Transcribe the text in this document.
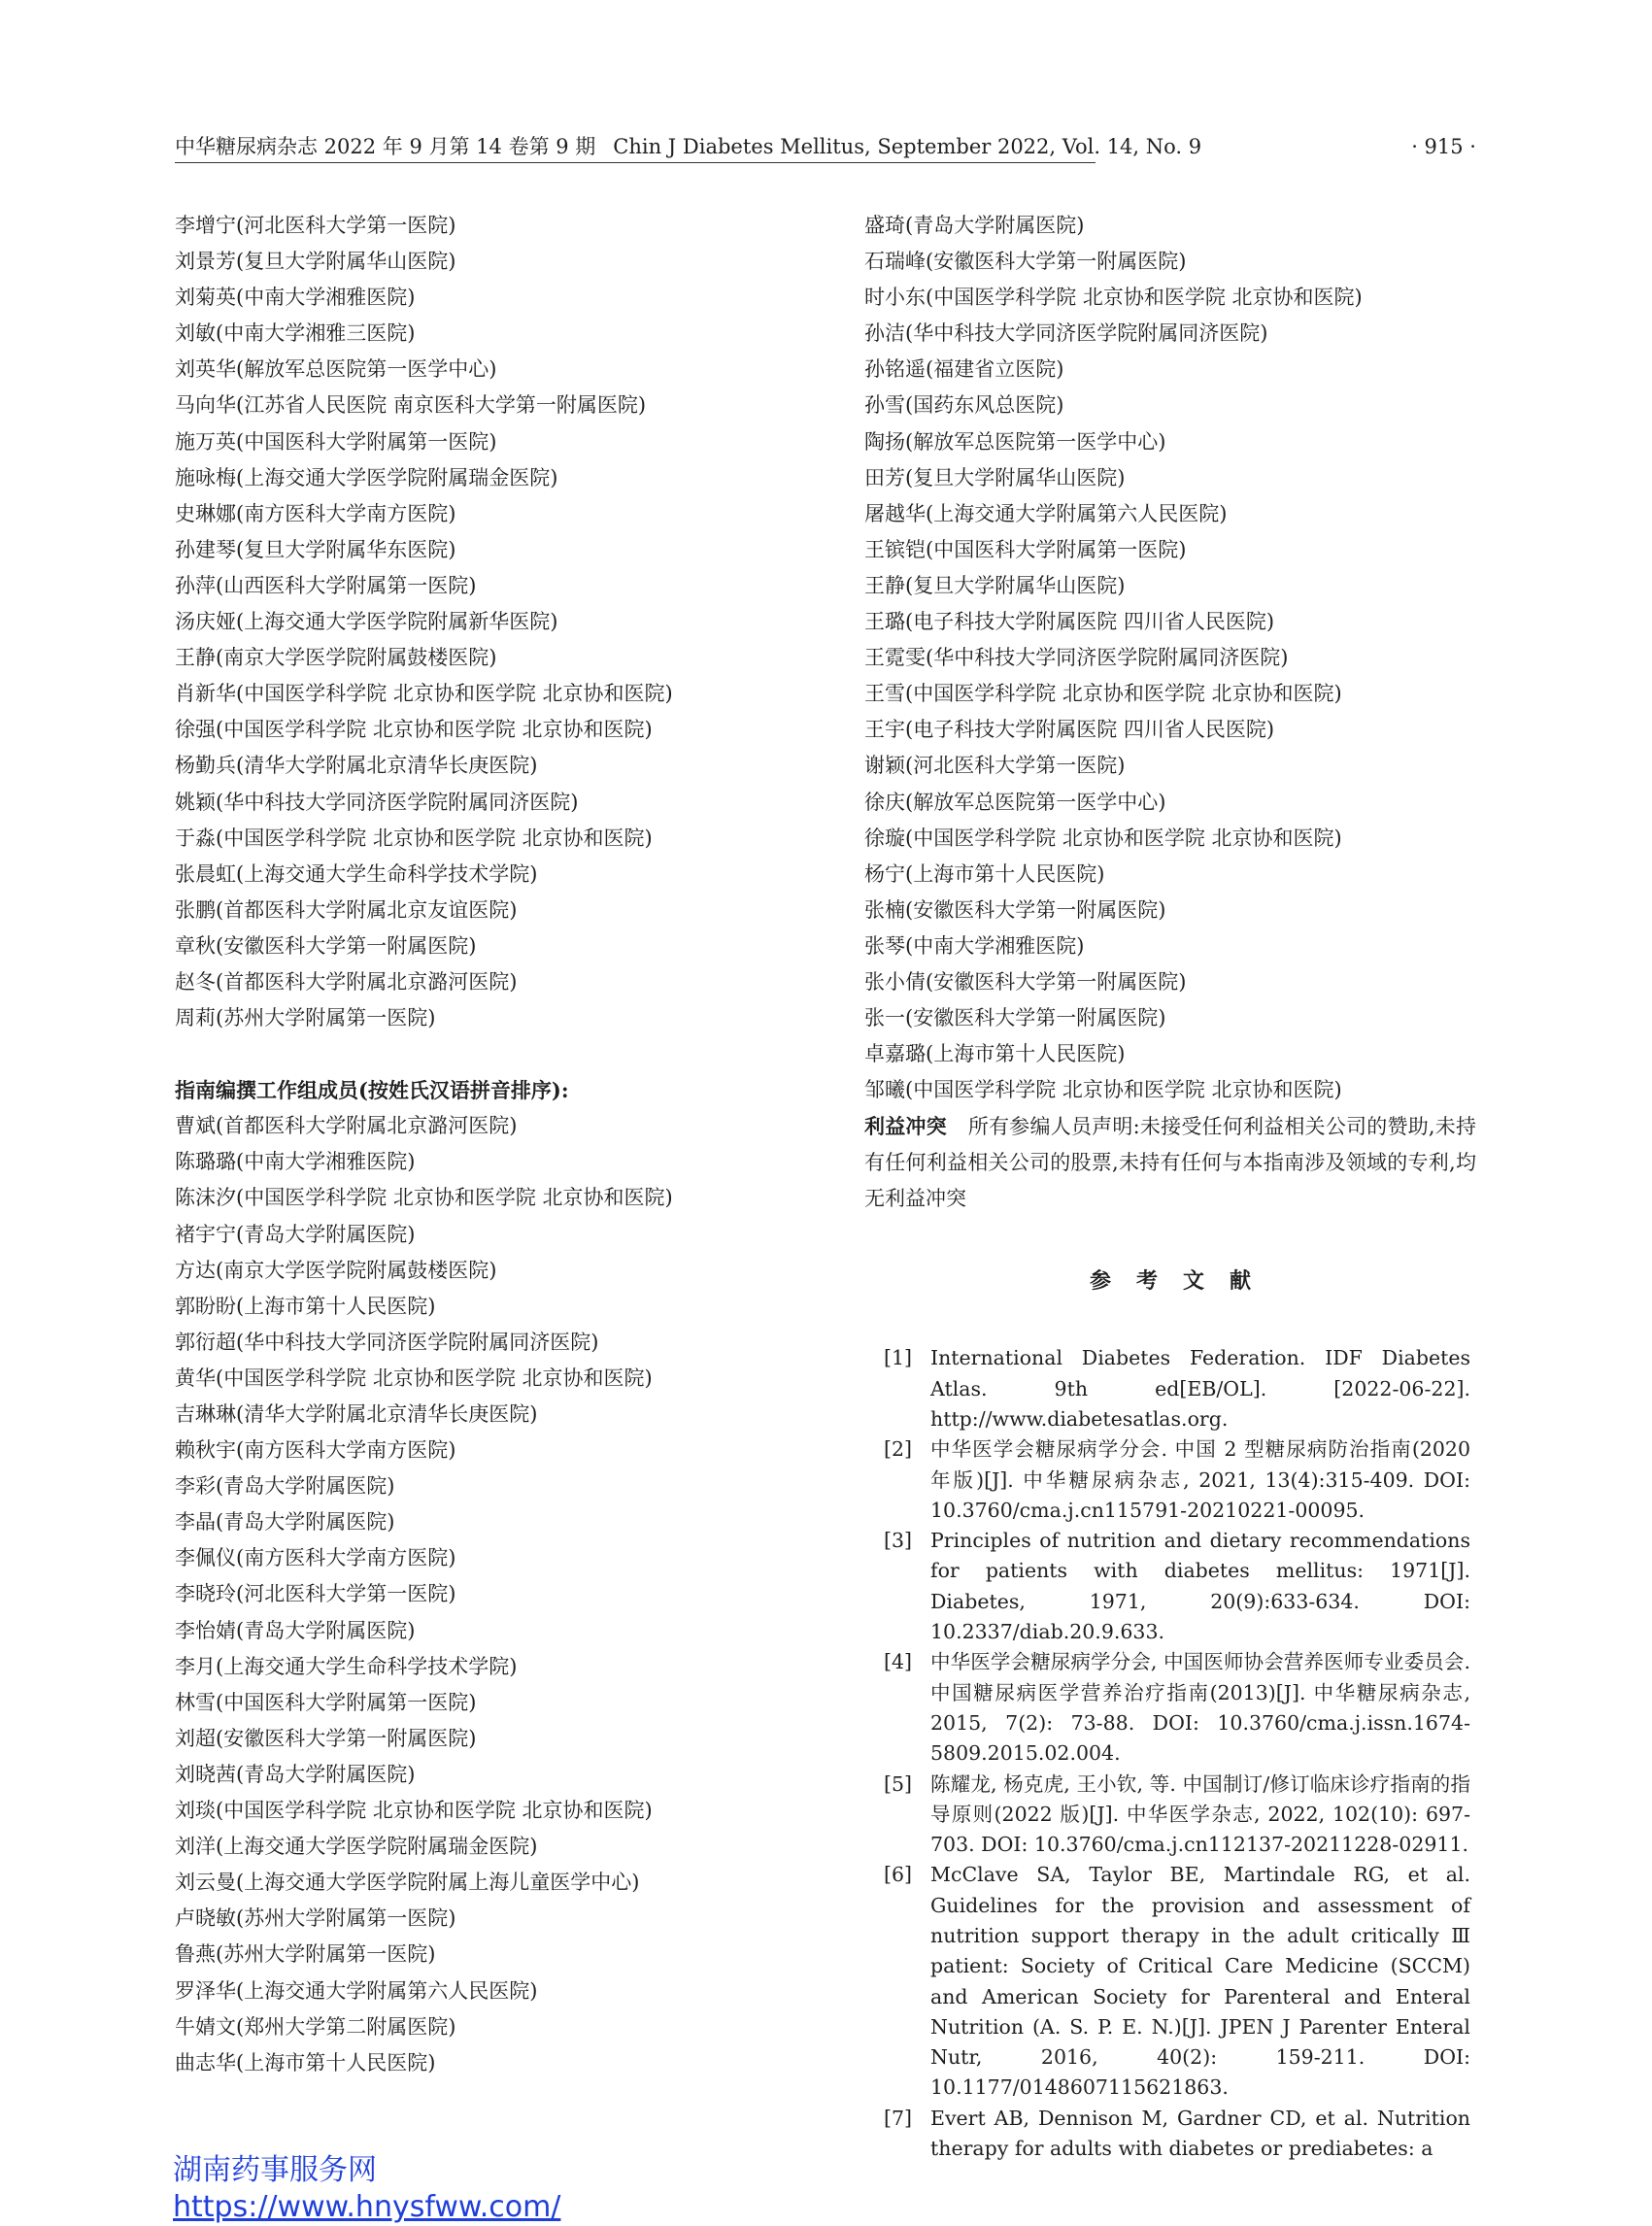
中华糖尿病杂志 2022 年 9 月第 14 卷第 9 期 Chin J Diabetes Mellitus, September 2022, Vol. 14, No. 9	· 915 ·
李增宁(河北医科大学第一医院)
刘景芳(复旦大学附属华山医院)
刘菊英(中南大学湘雅医院)
刘敏(中南大学湘雅三医院)
刘英华(解放军总医院第一医学中心)
马向华(江苏省人民医院 南京医科大学第一附属医院)
施万英(中国医科大学附属第一医院)
施咏梅(上海交通大学医学院附属瑞金医院)
史琳娜(南方医科大学南方医院)
孙建琴(复旦大学附属华东医院)
孙萍(山西医科大学附属第一医院)
汤庆娅(上海交通大学医学院附属新华医院)
王静(南京大学医学院附属鼓楼医院)
肖新华(中国医学科学院 北京协和医学院 北京协和医院)
徐强(中国医学科学院 北京协和医学院 北京协和医院)
杨勤兵(清华大学附属北京清华长庚医院)
姚颖(华中科技大学同济医学院附属同济医院)
于淼(中国医学科学院 北京协和医学院 北京协和医院)
张晨虹(上海交通大学生命科学技术学院)
张鹏(首都医科大学附属北京友谊医院)
章秋(安徽医科大学第一附属医院)
赵冬(首都医科大学附属北京潞河医院)
周莉(苏州大学附属第一医院)
指南编撰工作组成员(按姓氏汉语拼音排序):
曹斌(首都医科大学附属北京潞河医院)
陈璐璐(中南大学湘雅医院)
陈沫汐(中国医学科学院 北京协和医学院 北京协和医院)
褚宇宁(青岛大学附属医院)
方达(南京大学医学院附属鼓楼医院)
郭盼盼(上海市第十人民医院)
郭衍超(华中科技大学同济医学院附属同济医院)
黄华(中国医学科学院 北京协和医学院 北京协和医院)
吉琳琳(清华大学附属北京清华长庚医院)
赖秋宇(南方医科大学南方医院)
李彩(青岛大学附属医院)
李晶(青岛大学附属医院)
李佩仪(南方医科大学南方医院)
李晓玲(河北医科大学第一医院)
李怡婧(青岛大学附属医院)
李月(上海交通大学生命科学技术学院)
林雪(中国医科大学附属第一医院)
刘超(安徽医科大学第一附属医院)
刘晓茜(青岛大学附属医院)
刘琰(中国医学科学院 北京协和医学院 北京协和医院)
刘洋(上海交通大学医学院附属瑞金医院)
刘云曼(上海交通大学医学院附属上海儿童医学中心)
卢晓敏(苏州大学附属第一医院)
鲁燕(苏州大学附属第一医院)
罗泽华(上海交通大学附属第六人民医院)
牛婧文(郑州大学第二附属医院)
曲志华(上海市第十人民医院)
盛琦(青岛大学附属医院)
石瑞峰(安徽医科大学第一附属医院)
时小东(中国医学科学院 北京协和医学院 北京协和医院)
孙洁(华中科技大学同济医学院附属同济医院)
孙铭遥(福建省立医院)
孙雪(国药东风总医院)
陶扬(解放军总医院第一医学中心)
田芳(复旦大学附属华山医院)
屠越华(上海交通大学附属第六人民医院)
王镔铠(中国医科大学附属第一医院)
王静(复旦大学附属华山医院)
王璐(电子科技大学附属医院 四川省人民医院)
王霓雯(华中科技大学同济医学院附属同济医院)
王雪(中国医学科学院 北京协和医学院 北京协和医院)
王宇(电子科技大学附属医院 四川省人民医院)
谢颖(河北医科大学第一医院)
徐庆(解放军总医院第一医学中心)
徐璇(中国医学科学院 北京协和医学院 北京协和医院)
杨宁(上海市第十人民医院)
张楠(安徽医科大学第一附属医院)
张琴(中南大学湘雅医院)
张小倩(安徽医科大学第一附属医院)
张一(安徽医科大学第一附属医院)
卓嘉璐(上海市第十人民医院)
邹曦(中国医学科学院 北京协和医学院 北京协和医院)
利益冲突 所有参编人员声明:未接受任何利益相关公司的赞助,未持有任何利益相关公司的股票,未持有任何与本指南涉及领域的专利,均无利益冲突
参考文献
[1] International Diabetes Federation. IDF Diabetes Atlas. 9th ed[EB/OL]. [2022-06-22]. http://www.diabetesatlas.org.
[2] 中华医学会糖尿病学分会. 中国 2 型糖尿病防治指南(2020 年版)[J]. 中华糖尿病杂志, 2021, 13(4):315-409. DOI: 10.3760/cma.j.cn115791-20210221-00095.
[3] Principles of nutrition and dietary recommendations for patients with diabetes mellitus: 1971[J]. Diabetes, 1971, 20(9):633-634. DOI: 10.2337/diab.20.9.633.
[4] 中华医学会糖尿病学分会, 中国医师协会营养医师专业委员会. 中国糖尿病医学营养治疗指南(2013)[J]. 中华糖尿病杂志, 2015, 7(2): 73-88. DOI: 10.3760/cma.j.issn.1674-5809.2015.02.004.
[5] 陈耀龙, 杨克虎, 王小钦, 等. 中国制订/修订临床诊疗指南的指导原则(2022 版)[J]. 中华医学杂志, 2022, 102(10): 697-703. DOI: 10.3760/cma.j.cn112137-20211228-02911.
[6] McClave SA, Taylor BE, Martindale RG, et al. Guidelines for the provision and assessment of nutrition support therapy in the adult critically Ⅲ patient: Society of Critical Care Medicine (SCCM) and American Society for Parenteral and Enteral Nutrition (A. S. P. E. N.)[J]. JPEN J Parenter Enteral Nutr, 2016, 40(2): 159-211. DOI: 10.1177/0148607115621863.
[7] Evert AB, Dennison M, Gardner CD, et al. Nutrition therapy for adults with diabetes or prediabetes: a
湖南药事服务网
https://www.hnysfww.com/
